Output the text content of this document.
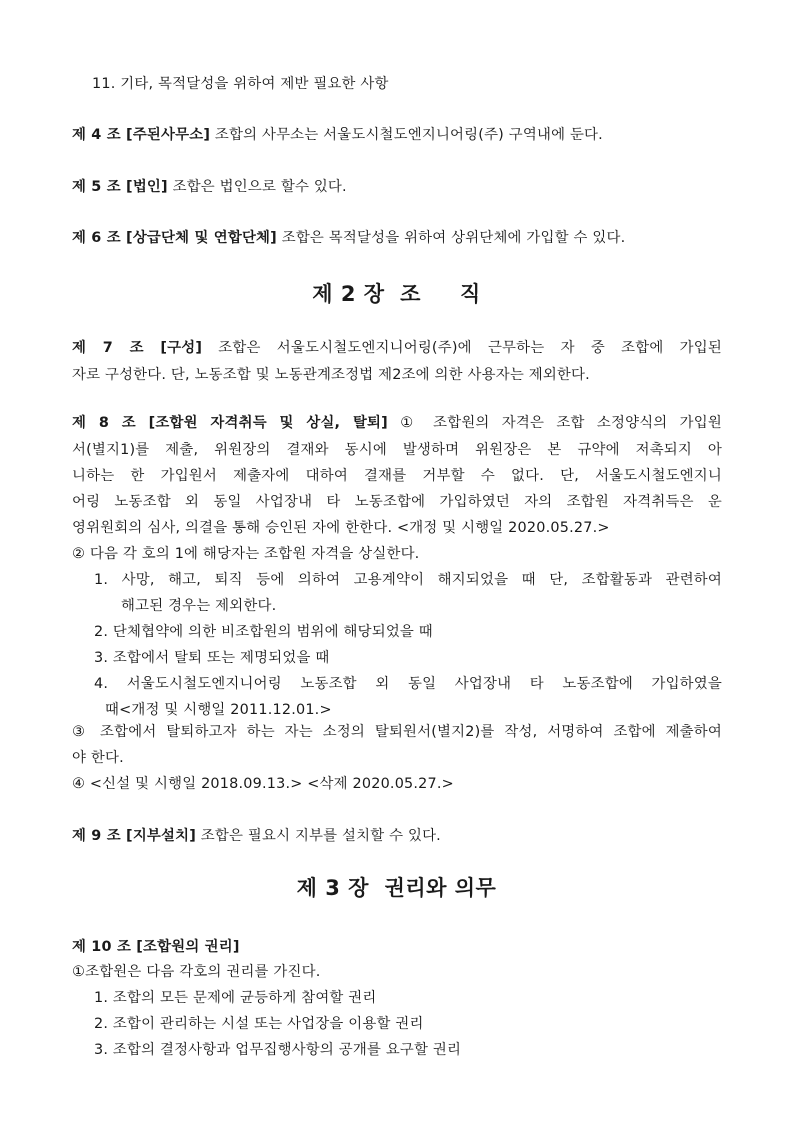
11. 기타, 목적달성을 위하여 제반 필요한 사항
제 4 조 [주된사무소] 조합의 사무소는 서울도시철도엔지니어링(주) 구역내에 둔다.
제 5 조 [법인] 조합은 법인으로 할수 있다.
제 6 조 [상급단체 및 연합단체] 조합은 목적달성을 위하여 상위단체에 가입할 수 있다.
제 2 장  조     직
제 7 조 [구성] 조합은 서울도시철도엔지니어링(주)에 근무하는 자 중 조합에 가입된
자로 구성한다. 단, 노동조합 및 노동관계조정법 제2조에 의한 사용자는 제외한다.
제 8 조 [조합원 자격취득 및 상실, 탈퇴] ① 조합원의 자격은 조합 소정양식의 가입원
서(별지1)를 제출, 위원장의 결재와 동시에 발생하며 위원장은 본 규약에 저촉되지 아
니하는 한 가입원서 제출자에 대하여 결재를 거부할 수 없다. 단, 서울도시철도엔지니
어링 노동조합 외 동일 사업장내 타 노동조합에 가입하였던 자의 조합원 자격취득은 운
영위원회의 심사, 의결을 통해 승인된 자에 한한다. <개정 및 시행일 2020.05.27.>
② 다음 각 호의 1에 해당자는 조합원 자격을 상실한다.
1. 사망, 해고, 퇴직 등에 의하여 고용계약이 해지되었을 때 단, 조합활동과 관련하여
해고된 경우는 제외한다.
2. 단체협약에 의한 비조합원의 범위에 해당되었을 때
3. 조합에서 탈퇴 또는 제명되었을 때
4. 서울도시철도엔지니어링 노동조합 외 동일 사업장내 타 노동조합에 가입하였을
때<개정 및 시행일 2011.12.01.>
③ 조합에서 탈퇴하고자 하는 자는 소정의 탈퇴원서(별지2)를 작성, 서명하여 조합에 제출하여
야 한다.
④ <신설 및 시행일 2018.09.13.> <삭제 2020.05.27.>
제 9 조 [지부설치] 조합은 필요시 지부를 설치할 수 있다.
제 3 장  권리와 의무
제 10 조 [조합원의 권리]
①조합원은 다음 각호의 권리를 가진다.
1. 조합의 모든 문제에 균등하게 참여할 권리
2. 조합이 관리하는 시설 또는 사업장을 이용할 권리
3. 조합의 결정사항과 업무집행사항의 공개를 요구할 권리
